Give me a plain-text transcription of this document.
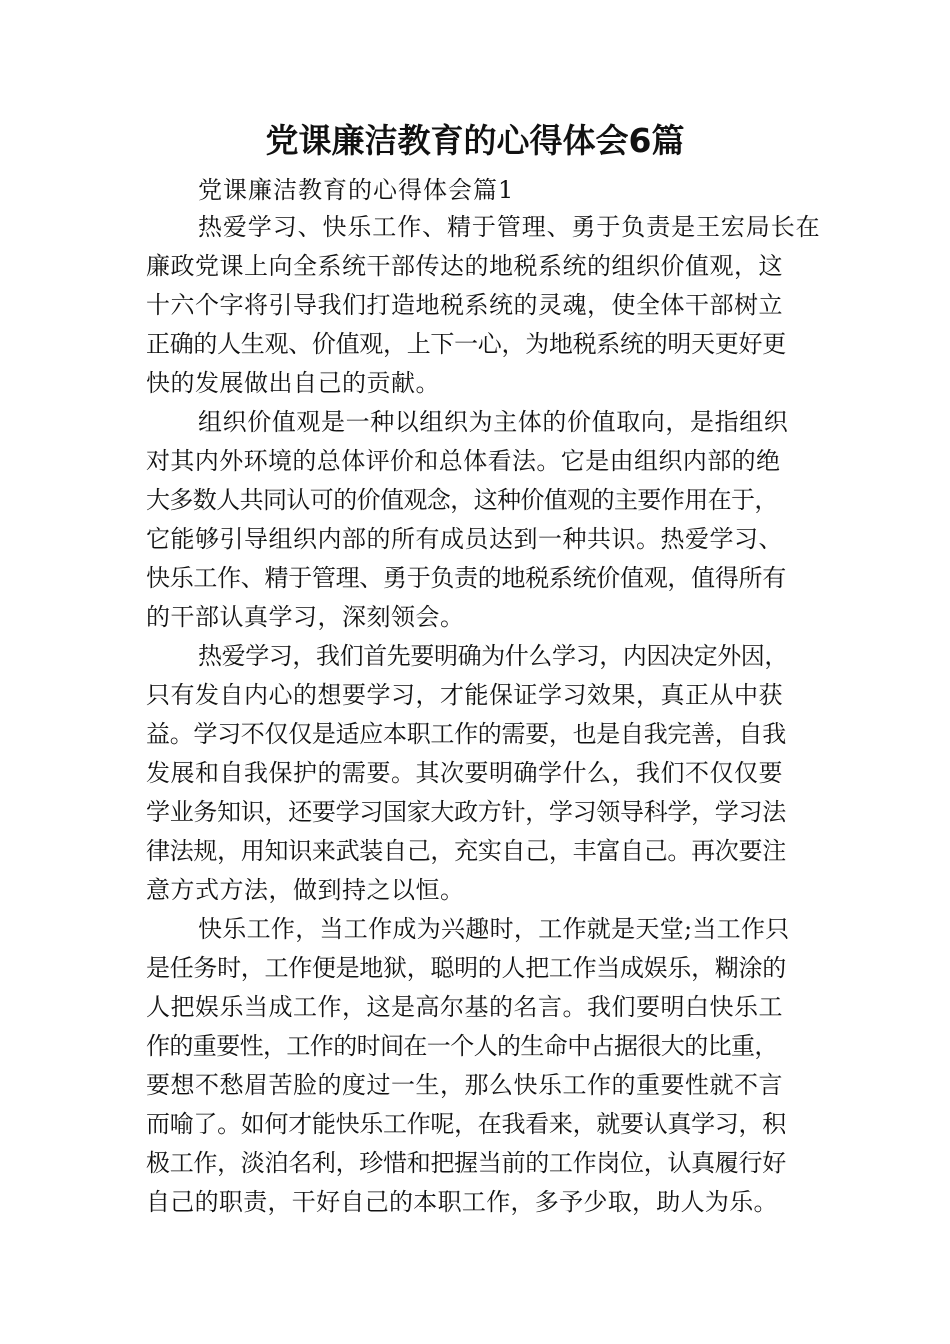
党课廉洁教育的心得体会6篇
党课廉洁教育的心得体会篇1
热爱学习、快乐工作、精于管理、勇于负责是王宏局长在
廉政党课上向全系统干部传达的地税系统的组织价值观，这
十六个字将引导我们打造地税系统的灵魂，使全体干部树立
正确的人生观、价值观，上下一心，为地税系统的明天更好更
快的发展做出自己的贡献。
组织价值观是一种以组织为主体的价值取向，是指组织
对其内外环境的总体评价和总体看法。它是由组织内部的绝
大多数人共同认可的价值观念，这种价值观的主要作用在于，
它能够引导组织内部的所有成员达到一种共识。热爱学习、
快乐工作、精于管理、勇于负责的地税系统价值观，值得所有
的干部认真学习，深刻领会。
热爱学习，我们首先要明确为什么学习，内因决定外因，
只有发自内心的想要学习，才能保证学习效果，真正从中获
益。学习不仅仅是适应本职工作的需要，也是自我完善，自我
发展和自我保护的需要。其次要明确学什么，我们不仅仅要
学业务知识，还要学习国家大政方针，学习领导科学，学习法
律法规，用知识来武装自己，充实自己，丰富自己。再次要注
意方式方法，做到持之以恒。
快乐工作，当工作成为兴趣时，工作就是天堂;当工作只
是任务时，工作便是地狱，聪明的人把工作当成娱乐，糊涂的
人把娱乐当成工作，这是高尔基的名言。我们要明白快乐工
作的重要性，工作的时间在一个人的生命中占据很大的比重，
要想不愁眉苦脸的度过一生，那么快乐工作的重要性就不言
而喻了。如何才能快乐工作呢，在我看来，就要认真学习，积
极工作，淡泊名利，珍惜和把握当前的工作岗位，认真履行好
自己的职责，干好自己的本职工作，多予少取，助人为乐。
